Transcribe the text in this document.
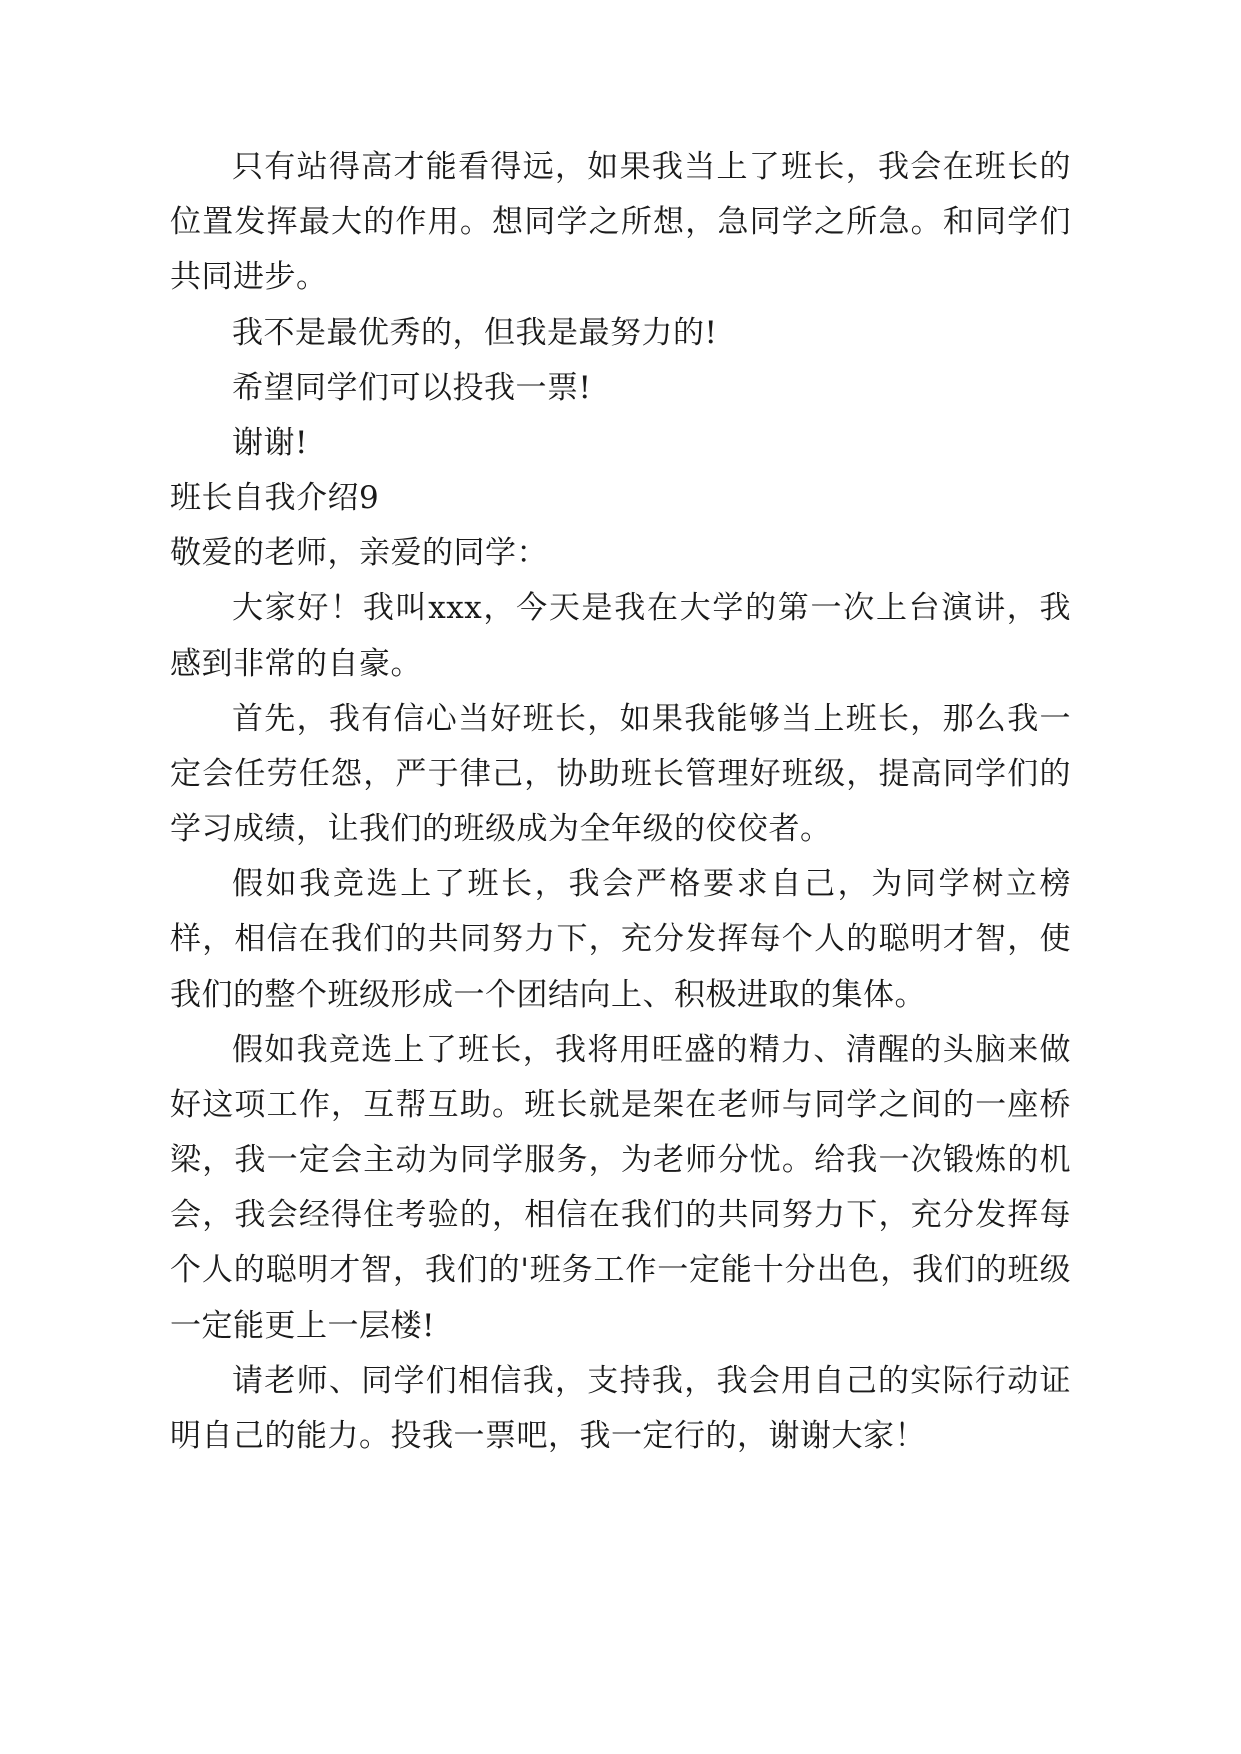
只有站得高才能看得远，如果我当上了班长，我会在班长的位置发挥最大的作用。想同学之所想，急同学之所急。和同学们共同进步。

我不是最优秀的，但我是最努力的!

希望同学们可以投我一票!

谢谢!

班长自我介绍9

敬爱的老师，亲爱的同学：

大家好！我叫xxx，今天是我在大学的第一次上台演讲，我感到非常的自豪。

首先，我有信心当好班长，如果我能够当上班长，那么我一定会任劳任怨，严于律己，协助班长管理好班级，提高同学们的学习成绩，让我们的班级成为全年级的佼佼者。

假如我竞选上了班长，我会严格要求自己，为同学树立榜样，相信在我们的共同努力下，充分发挥每个人的聪明才智，使我们的整个班级形成一个团结向上、积极进取的集体。

假如我竞选上了班长，我将用旺盛的精力、清醒的头脑来做好这项工作，互帮互助。班长就是架在老师与同学之间的一座桥梁，我一定会主动为同学服务，为老师分忧。给我一次锻炼的机会，我会经得住考验的，相信在我们的共同努力下，充分发挥每个人的聪明才智，我们的'班务工作一定能十分出色，我们的班级一定能更上一层楼!

请老师、同学们相信我，支持我，我会用自己的实际行动证明自己的能力。投我一票吧，我一定行的，谢谢大家！
